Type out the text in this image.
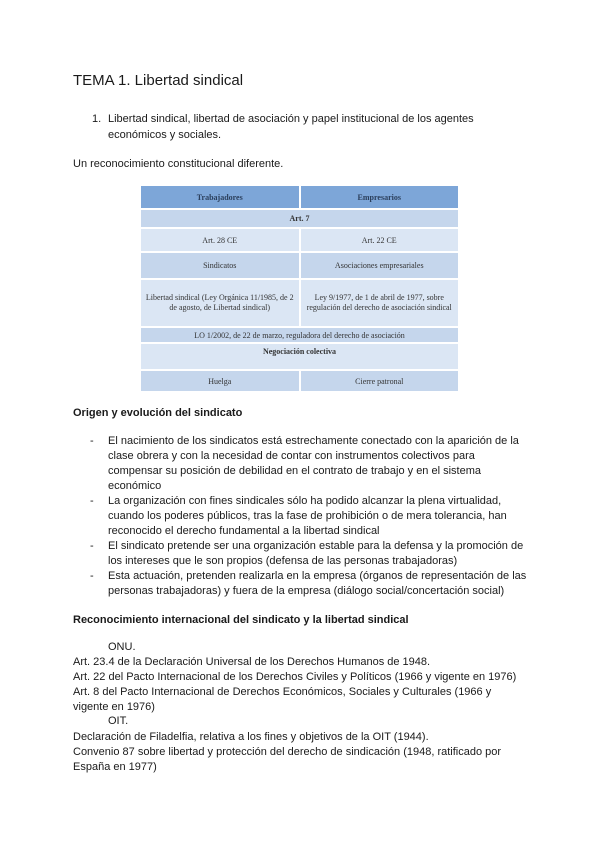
TEMA 1. Libertad sindical
1. Libertad sindical, libertad de asociación y papel institucional de los agentes económicos y sociales.
Un reconocimiento constitucional diferente.
Trabajadores	Empresarios
Art. 7	
Art. 28 CE	Art. 22 CE
Sindicatos	Asociaciones empresariales
Libertad sindical (Ley Orgánica 11/1985, de 2 de agosto, de Libertad sindical)	Ley 9/1977, de 1 de abril de 1977, sobre regulación del derecho de asociación sindical
LO 1/2002, de 22 de marzo, reguladora del derecho de asociación	
Negociación colectiva	
Huelga	Cierre patronal
Origen y evolución del sindicato
- El nacimiento de los sindicatos está estrechamente conectado con la aparición de la clase obrera y con la necesidad de contar con instrumentos colectivos para compensar su posición de debilidad en el contrato de trabajo y en el sistema económico
- La organización con fines sindicales sólo ha podido alcanzar la plena virtualidad, cuando los poderes públicos, tras la fase de prohibición o de mera tolerancia, han reconocido el derecho fundamental a la libertad sindical
- El sindicato pretende ser una organización estable para la defensa y la promoción de los intereses que le son propios (defensa de las personas trabajadoras)
- Esta actuación, pretenden realizarla en la empresa (órganos de representación de las personas trabajadoras) y fuera de la empresa (diálogo social/concertación social)
Reconocimiento internacional del sindicato y la libertad sindical
ONU.
Art. 23.4 de la Declaración Universal de los Derechos Humanos de 1948.
Art. 22 del Pacto Internacional de los Derechos Civiles y Políticos (1966 y vigente en 1976)
Art. 8 del Pacto Internacional de Derechos Económicos, Sociales y Culturales (1966 y vigente en 1976)
OIT.
Declaración de Filadelfia, relativa a los fines y objetivos de la OIT (1944).
Convenio 87 sobre libertad y protección del derecho de sindicación (1948, ratificado por España en 1977)
